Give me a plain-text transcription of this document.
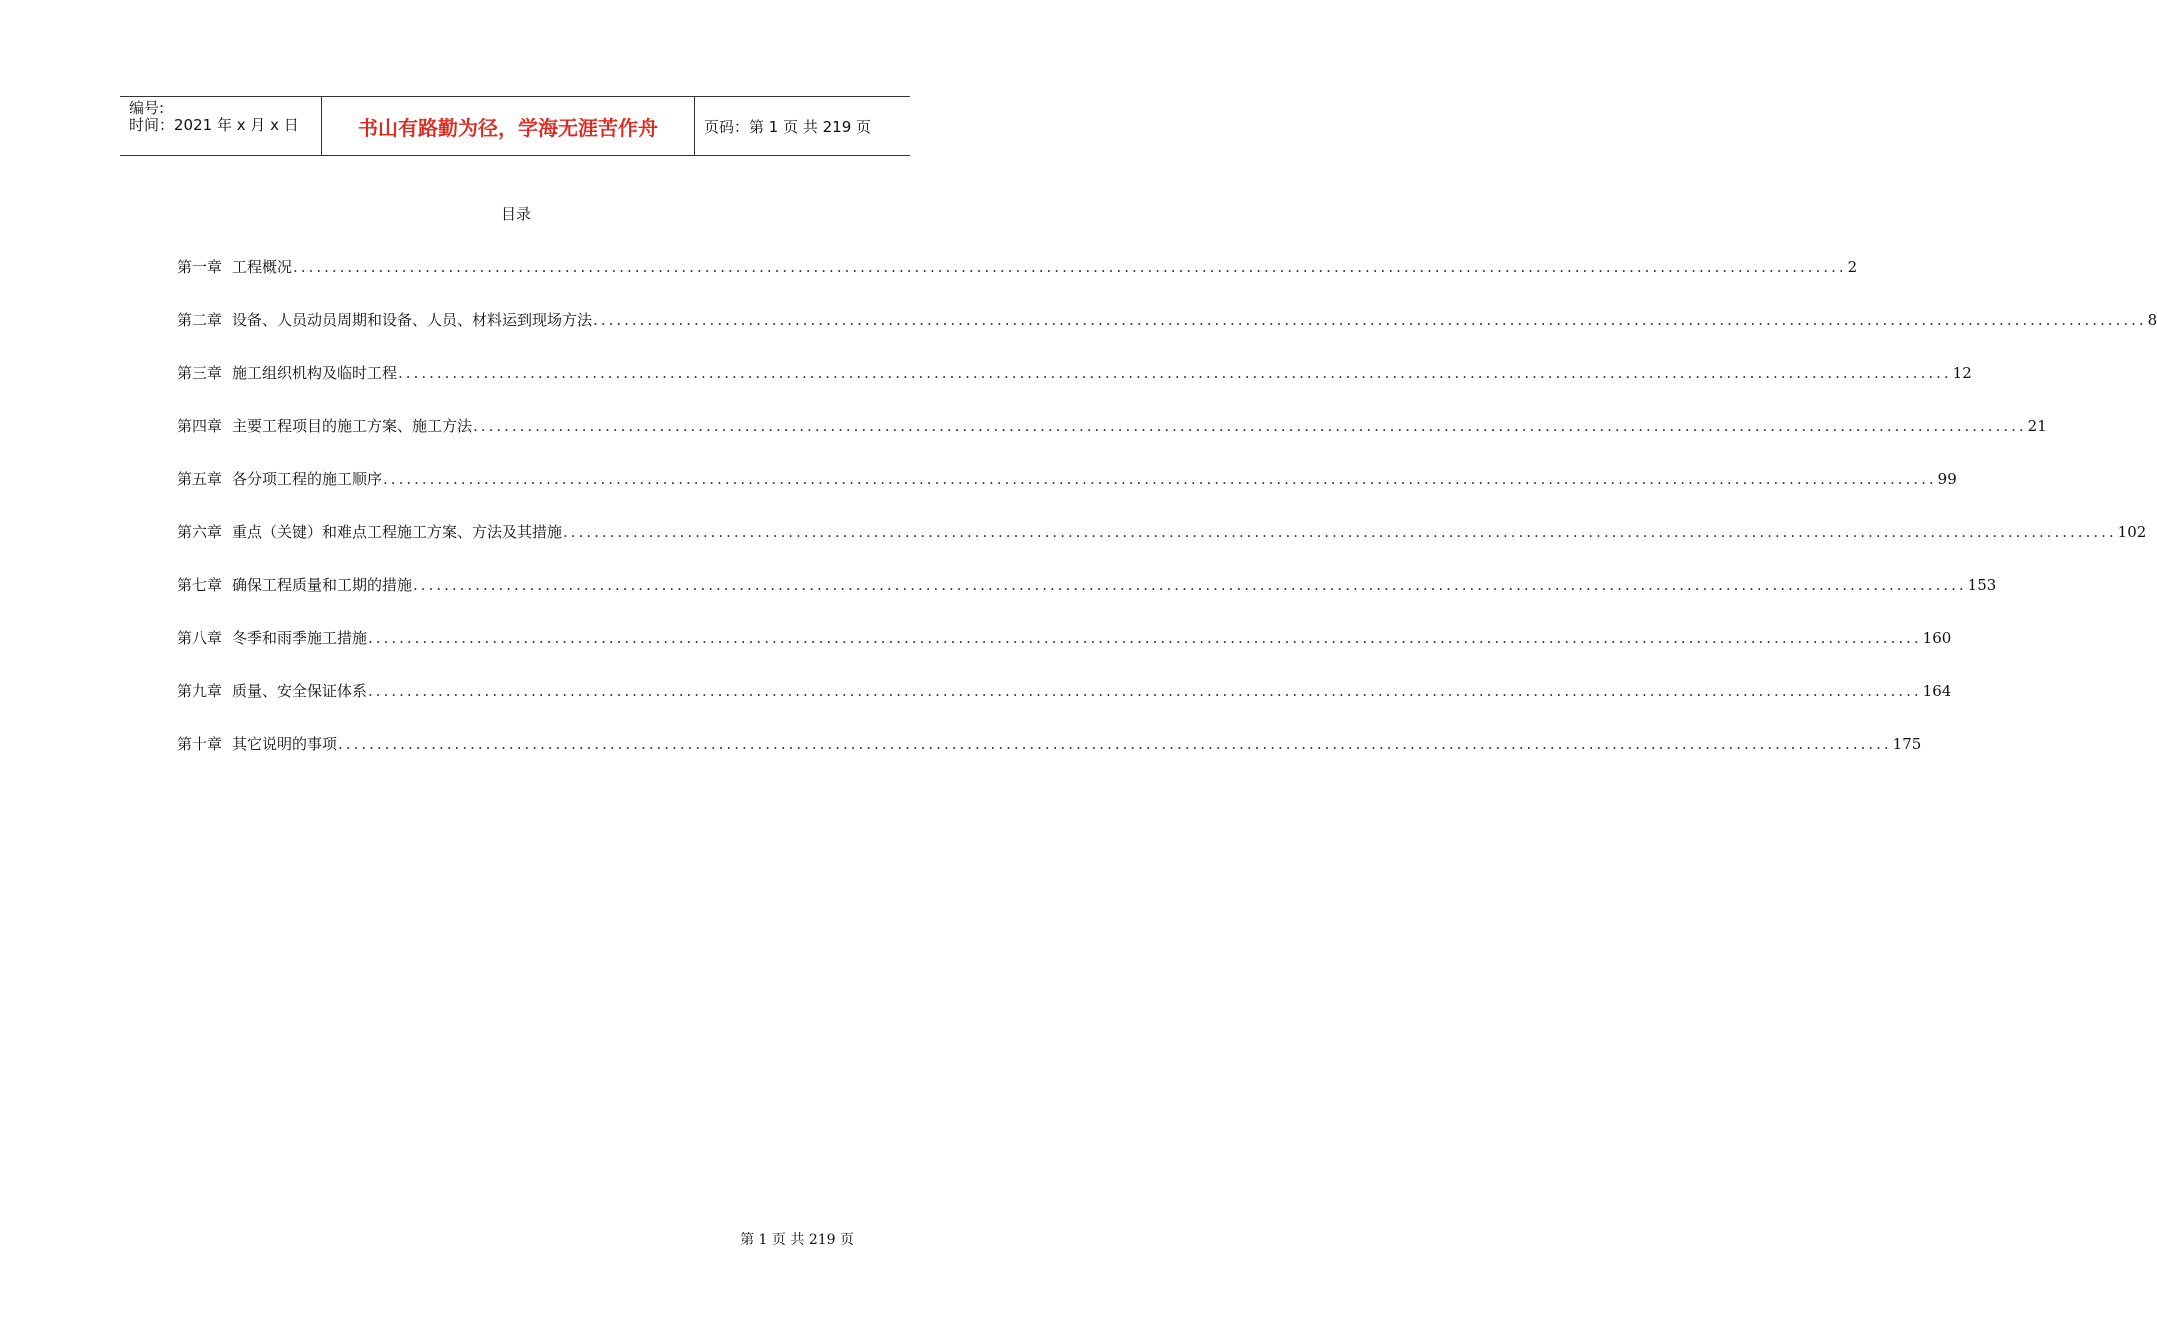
编号:
时间：2021 年 x 月 x 日	书山有路勤为径，学海无涯苦作舟	页码：第 1 页 共 219 页
目录
第一章 工程概况 ........................................................................................................................................................................................................ 2
第二章 设备、人员动员周期和设备、人员、材料运到现场方法 ........................................................................................................................................................................................................ 8
第三章 施工组织机构及临时工程 ........................................................................................................................................................................................................ 12
第四章 主要工程项目的施工方案、施工方法 ........................................................................................................................................................................................................ 21
第五章 各分项工程的施工顺序 ........................................................................................................................................................................................................ 99
第六章 重点（关键）和难点工程施工方案、方法及其措施 ........................................................................................................................................................................................................ 102
第七章 确保工程质量和工期的措施 ........................................................................................................................................................................................................ 153
第八章 冬季和雨季施工措施 ........................................................................................................................................................................................................ 160
第九章 质量、安全保证体系 ........................................................................................................................................................................................................ 164
第十章 其它说明的事项 ........................................................................................................................................................................................................ 175
第 1 页 共 219 页
